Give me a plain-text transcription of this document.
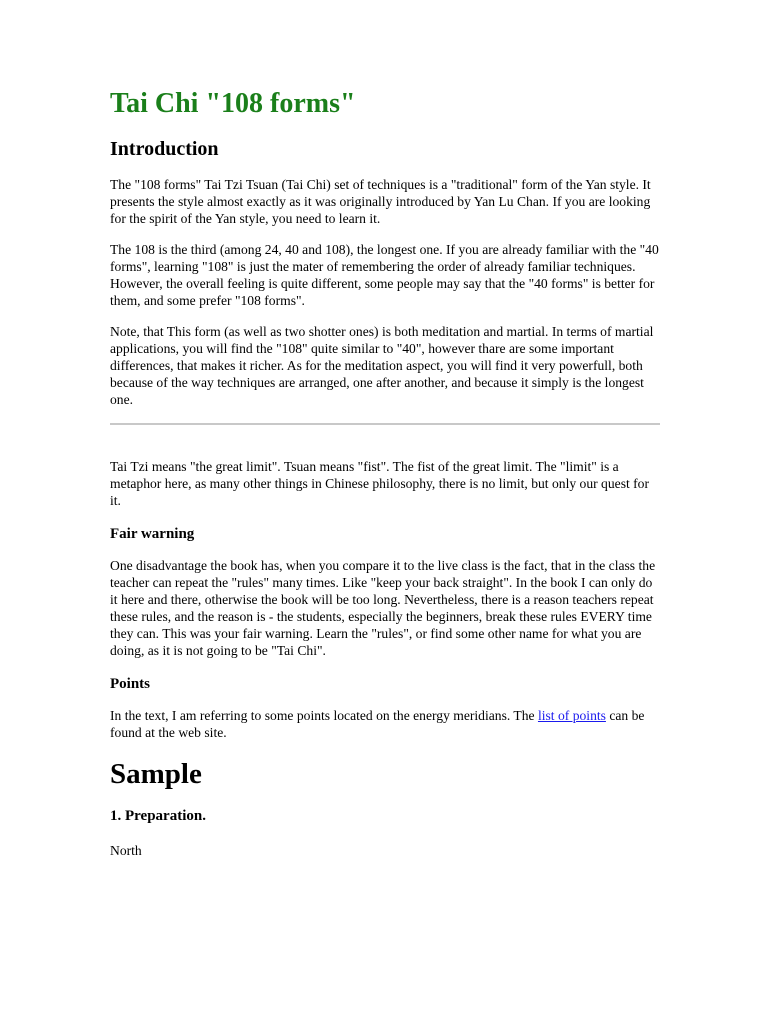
Tai Chi "108 forms"
Introduction

The "108 forms" Tai Tzi Tsuan (Tai Chi) set of techniques is a "traditional" form of the Yan style. It presents the style almost exactly as it was originally introduced by Yan Lu Chan. If you are looking for the spirit of the Yan style, you need to learn it.

The 108 is the third (among 24, 40 and 108), the longest one. If you are already familiar with the "40 forms", learning "108" is just the mater of remembering the order of already familiar techniques. However, the overall feeling is quite different, some people may say that the "40 forms" is better for them, and some prefer "108 forms".

Note, that This form (as well as two shotter ones) is both meditation and martial. In terms of martial applications, you will find the "108" quite similar to "40", however thare are some important differences, that makes it richer. As for the meditation aspect, you will find it very powerfull, both because of the way techniques are arranged, one after another, and because it simply is the longest one.

Tai Tzi means "the great limit". Tsuan means "fist". The fist of the great limit. The "limit" is a metaphor here, as many other things in Chinese philosophy, there is no limit, but only our quest for it.

Fair warning

One disadvantage the book has, when you compare it to the live class is the fact, that in the class the teacher can repeat the "rules" many times. Like "keep your back straight". In the book I can only do it here and there, otherwise the book will be too long. Nevertheless, there is a reason teachers repeat these rules, and the reason is - the students, especially the beginners, break these rules EVERY time they can. This was your fair warning. Learn the "rules", or find some other name for what you are doing, as it is not going to be "Tai Chi".

Points

In the text, I am referring to some points located on the energy meridians. The list of points can be found at the web site.

Sample
1. Preparation.

North
